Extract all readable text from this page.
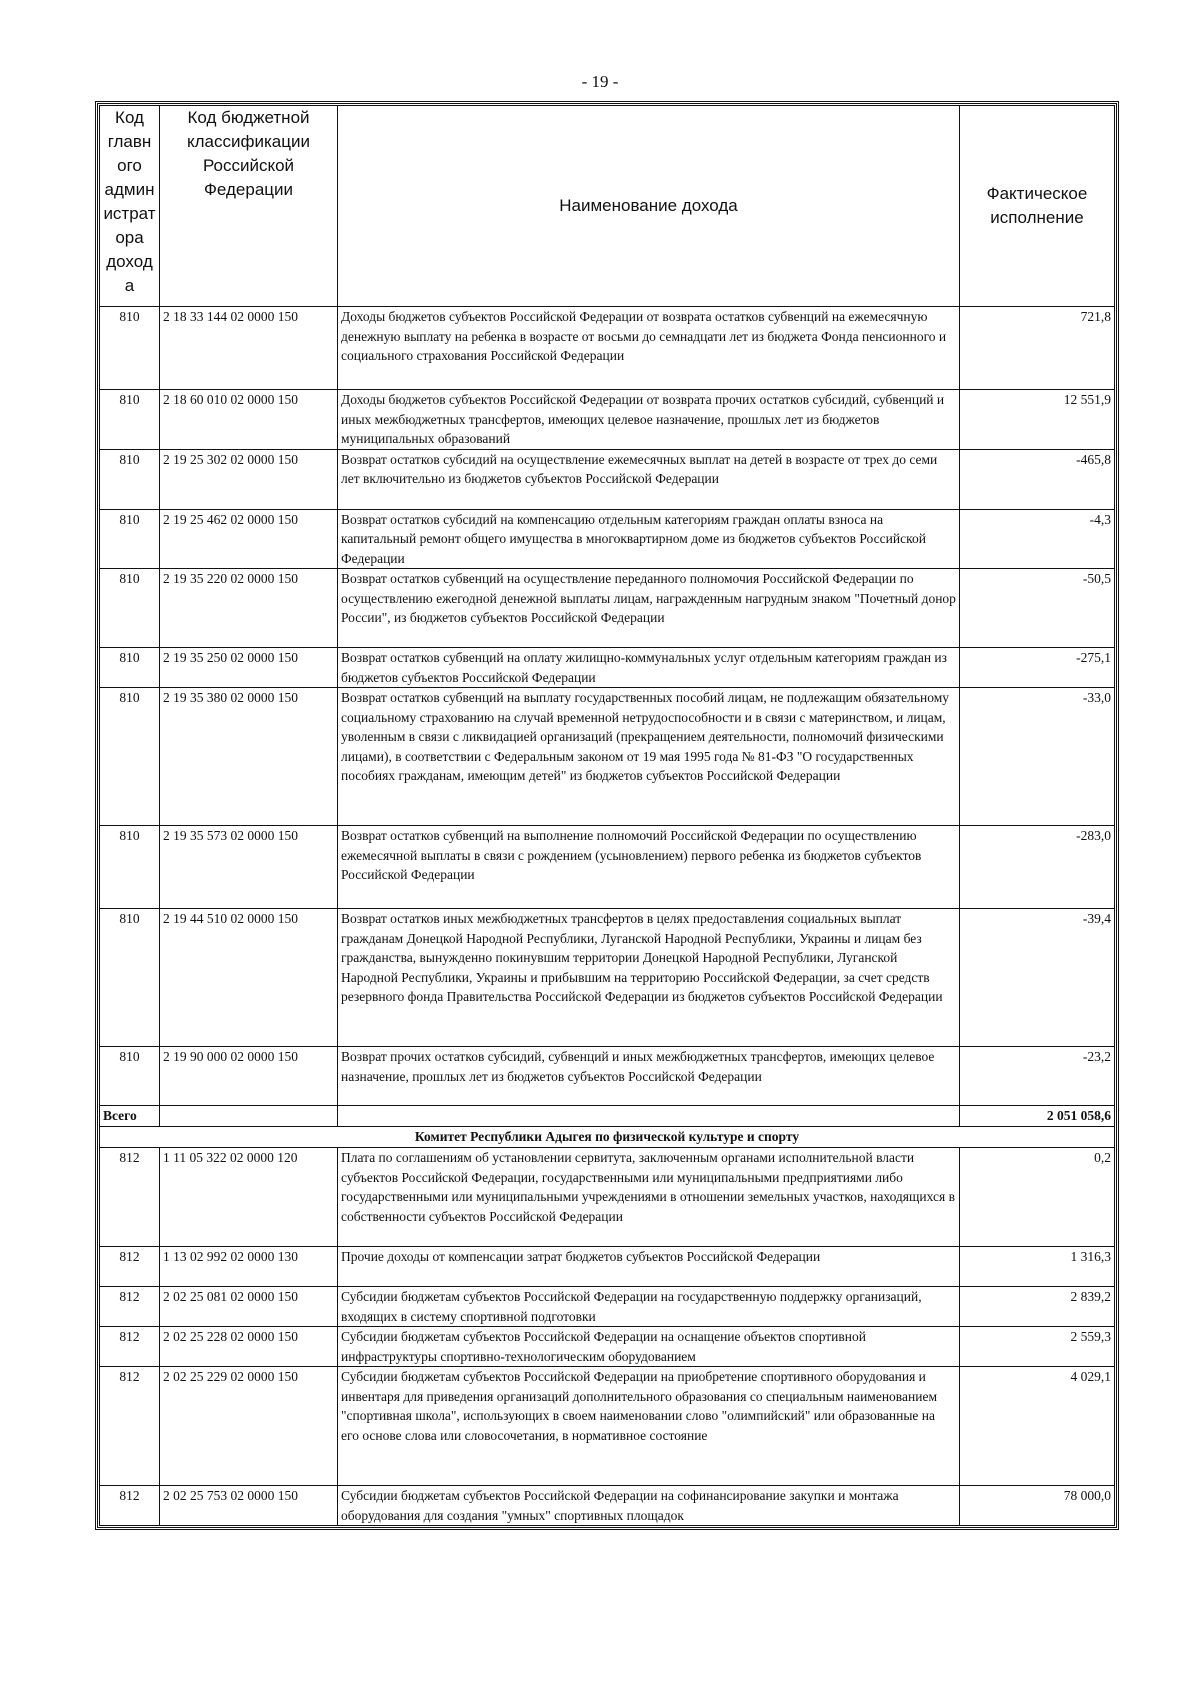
- 19 -
Код главн ого админ истрат ора доход а	Код бюджетной классификации Российской Федерации	Наименование дохода	Фактическое исполнение
810	2 18 33 144 02 0000 150	Доходы бюджетов субъектов Российской Федерации от возврата остатков субвенций на ежемесячную денежную выплату на ребенка в возрасте от восьми до семнадцати лет из бюджета Фонда пенсионного и социального страхования Российской Федерации	721,8
810	2 18 60 010 02 0000 150	Доходы бюджетов субъектов Российской Федерации от возврата прочих остатков субсидий, субвенций и иных межбюджетных трансфертов, имеющих целевое назначение, прошлых лет из бюджетов муниципальных образований	12 551,9
810	2 19 25 302 02 0000 150	Возврат остатков субсидий на осуществление ежемесячных выплат на детей в возрасте от трех до семи лет включительно из бюджетов субъектов Российской Федерации	-465,8
810	2 19 25 462 02 0000 150	Возврат остатков субсидий на компенсацию отдельным категориям граждан оплаты взноса на капитальный ремонт общего имущества в многоквартирном доме из бюджетов субъектов Российской Федерации	-4,3
810	2 19 35 220 02 0000 150	Возврат остатков субвенций на осуществление переданного полномочия Российской Федерации по осуществлению ежегодной денежной выплаты лицам, награжденным нагрудным знаком "Почетный донор России", из бюджетов субъектов Российской Федерации	-50,5
810	2 19 35 250 02 0000 150	Возврат остатков субвенций на оплату жилищно-коммунальных услуг отдельным категориям граждан из бюджетов субъектов Российской Федерации	-275,1
810	2 19 35 380 02 0000 150	Возврат остатков субвенций на выплату государственных пособий лицам, не подлежащим обязательному социальному страхованию на случай временной нетрудоспособности и в связи с материнством, и лицам, уволенным в связи с ликвидацией организаций (прекращением деятельности, полномочий физическими лицами), в соответствии с Федеральным законом от 19 мая 1995 года № 81-ФЗ "О государственных пособиях гражданам, имеющим детей" из бюджетов субъектов Российской Федерации	-33,0
810	2 19 35 573 02 0000 150	Возврат остатков субвенций на выполнение полномочий Российской Федерации по осуществлению ежемесячной выплаты в связи с рождением (усыновлением) первого ребенка из бюджетов субъектов Российской Федерации	-283,0
810	2 19 44 510 02 0000 150	Возврат остатков иных межбюджетных трансфертов в целях предоставления социальных выплат гражданам Донецкой Народной Республики, Луганской Народной Республики, Украины и лицам без гражданства, вынужденно покинувшим территории Донецкой Народной Республики, Луганской Народной Республики, Украины и прибывшим на территорию Российской Федерации, за счет средств резервного фонда Правительства Российской Федерации из бюджетов субъектов Российской Федерации	-39,4
810	2 19 90 000 02 0000 150	Возврат прочих остатков субсидий, субвенций и иных межбюджетных трансфертов, имеющих целевое назначение, прошлых лет из бюджетов субъектов Российской Федерации	-23,2
Всего			2 051 058,6
Комитет Республики Адыгея по физической культуре и спорту			
812	1 11 05 322 02 0000 120	Плата по соглашениям об установлении сервитута, заключенным органами исполнительной власти субъектов Российской Федерации, государственными или муниципальными предприятиями либо государственными или муниципальными учреждениями в отношении земельных участков, находящихся в собственности субъектов Российской Федерации	0,2
812	1 13 02 992 02 0000 130	Прочие доходы от компенсации затрат бюджетов субъектов Российской Федерации	1 316,3
812	2 02 25 081 02 0000 150	Субсидии бюджетам субъектов Российской Федерации на государственную поддержку организаций, входящих в систему спортивной подготовки	2 839,2
812	2 02 25 228 02 0000 150	Субсидии бюджетам субъектов Российской Федерации на оснащение объектов спортивной инфраструктуры спортивно-технологическим оборудованием	2 559,3
812	2 02 25 229 02 0000 150	Субсидии бюджетам субъектов Российской Федерации на приобретение спортивного оборудования и инвентаря для приведения организаций дополнительного образования со специальным наименованием "спортивная школа", использующих в своем наименовании слово "олимпийский" или образованные на его основе слова или словосочетания, в нормативное состояние	4 029,1
812	2 02 25 753 02 0000 150	Субсидии бюджетам субъектов Российской Федерации на софинансирование закупки и монтажа оборудования для создания "умных" спортивных площадок	78 000,0
